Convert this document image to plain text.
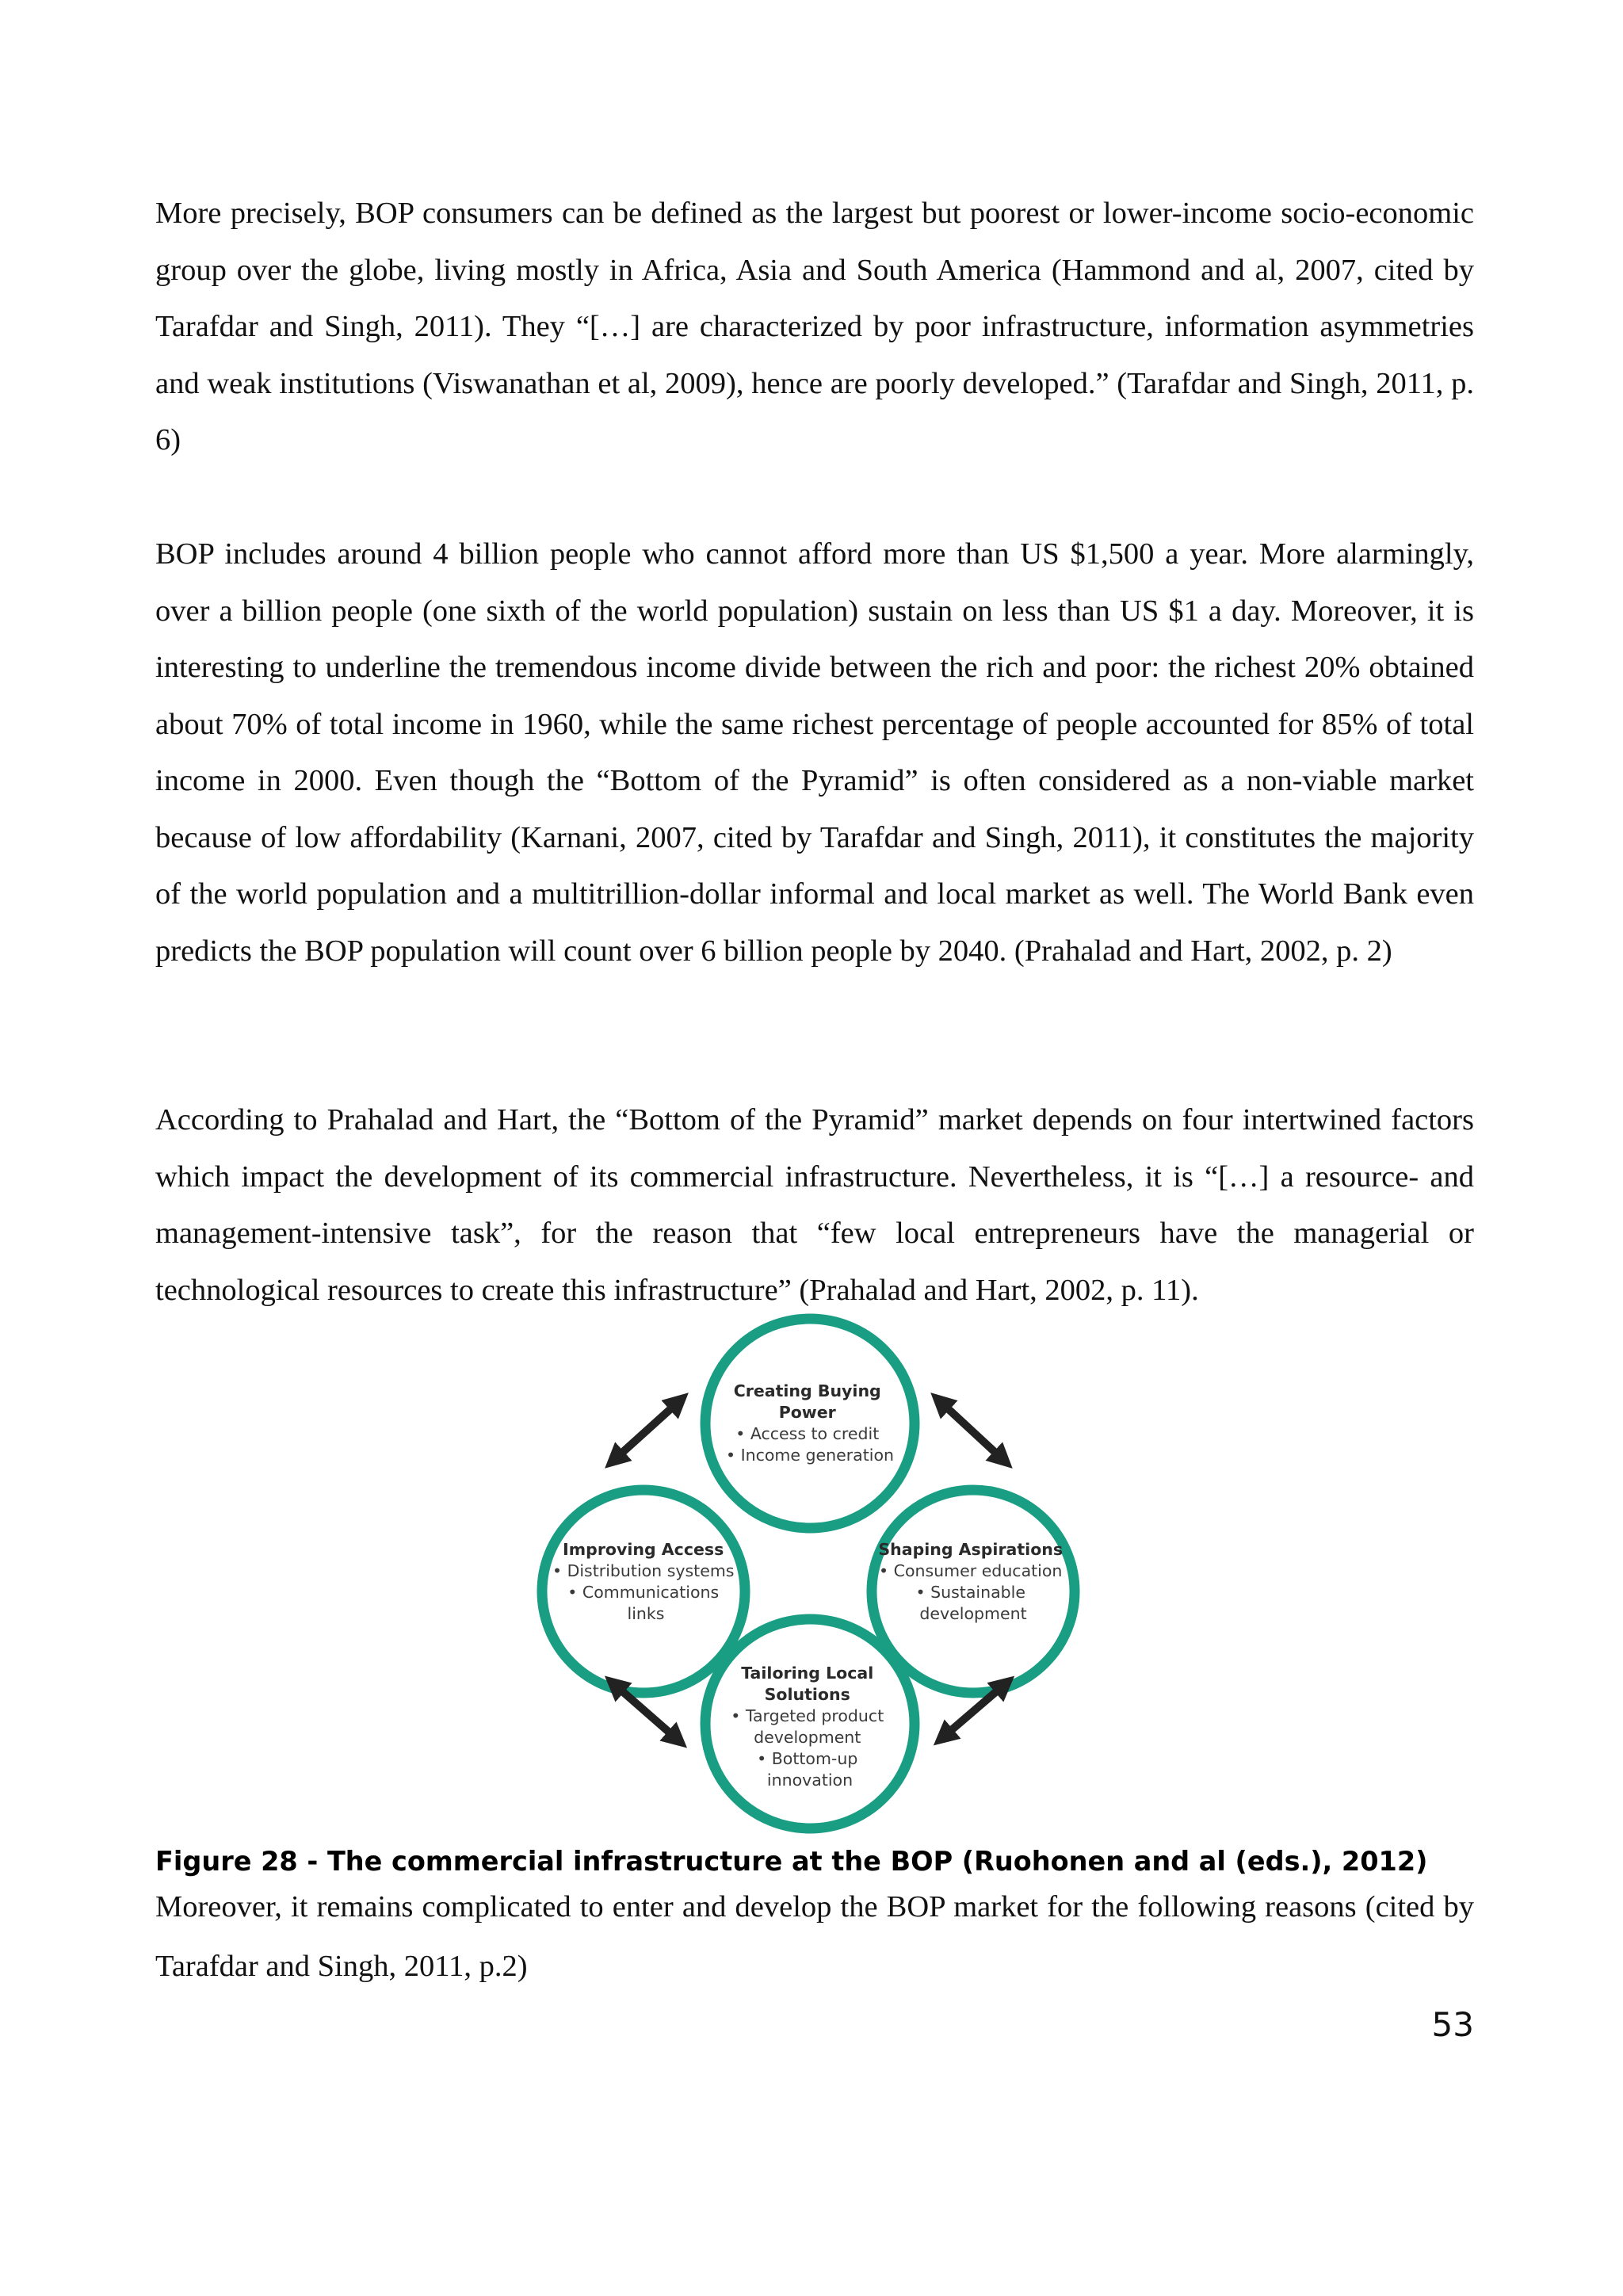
More precisely, BOP consumers can be defined as the largest but poorest or lower-income socio-economic group over the globe, living mostly in Africa, Asia and South America (Hammond and al, 2007, cited by Tarafdar and Singh, 2011). They “[…] are characterized by poor infrastructure, information asymmetries and weak institutions (Viswanathan et al, 2009), hence are poorly developed.” (Tarafdar and Singh, 2011, p. 6)

BOP includes around 4 billion people who cannot afford more than US $1,500 a year. More alarmingly, over a billion people (one sixth of the world population) sustain on less than US $1 a day. Moreover, it is interesting to underline the tremendous income divide between the rich and poor: the richest 20% obtained about 70% of total income in 1960, while the same richest percentage of people accounted for 85% of total income in 2000. Even though the “Bottom of the Pyramid” is often considered as a non-viable market because of low affordability (Karnani, 2007, cited by Tarafdar and Singh, 2011), it constitutes the majority of the world population and a multitrillion-dollar informal and local market as well. The World Bank even predicts the BOP population will count over 6 billion people by 2040. (Prahalad and Hart, 2002, p. 2)

According to Prahalad and Hart, the “Bottom of the Pyramid” market depends on four intertwined factors which impact the development of its commercial infrastructure. Nevertheless, it is “[…] a resource- and management-intensive task”, for the reason that “few local entrepreneurs have the managerial or technological resources to create this infrastructure” (Prahalad and Hart, 2002, p. 11).

Creating Buying Power • Access to credit • Income generation
Improving Access • Distribution systems • Communications links
Shaping Aspirations • Consumer education • Sustainable development
Tailoring Local Solutions • Targeted product development • Bottom-up innovation

Figure 28 - The commercial infrastructure at the BOP (Ruohonen and al (eds.), 2012)

Moreover, it remains complicated to enter and develop the BOP market for the following reasons (cited by Tarafdar and Singh, 2011, p.2)

53
